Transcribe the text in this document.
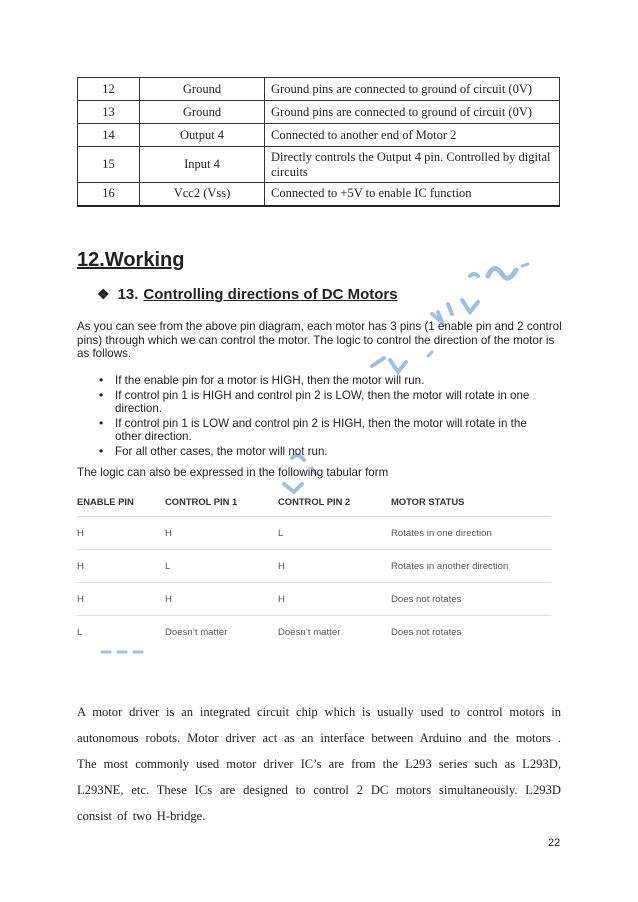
12	Ground	Ground pins are connected to ground of circuit (0V)
13	Ground	Ground pins are connected to ground of circuit (0V)
14	Output 4	Connected to another end of Motor 2
15	Input 4	Directly controls the Output 4 pin. Controlled by digital circuits
16	Vcc2 (Vss)	Connected to +5V to enable IC function
12.Working
❖ 13. Controlling directions of DC Motors

As you can see from the above pin diagram, each motor has 3 pins (1 enable pin and 2 control pins) through which we can control the motor. The logic to control the direction of the motor is as follows.

• If the enable pin for a motor is HIGH, then the motor will run.
• If control pin 1 is HIGH and control pin 2 is LOW, then the motor will rotate in one direction.
• If control pin 1 is LOW and control pin 2 is HIGH, then the motor will rotate in the other direction.
• For all other cases, the motor will not run.

The logic can also be expressed in the following tabular form

ENABLE PIN	CONTROL PIN 1	CONTROL PIN 2	MOTOR STATUS
H	H	L	Rotates in one direction
H	L	H	Rotates in another direction
H	H	H	Does not rotates
L	Doesn’t matter	Doesn’t matter	Does not rotates

A motor driver is an integrated circuit chip which is usually used to control motors in autonomous robots. Motor driver act as an interface between Arduino and the motors . The most commonly used motor driver IC’s are from the L293 series such as L293D, L293NE, etc. These ICs are designed to control 2 DC motors simultaneously. L293D consist of two H-bridge.

22
